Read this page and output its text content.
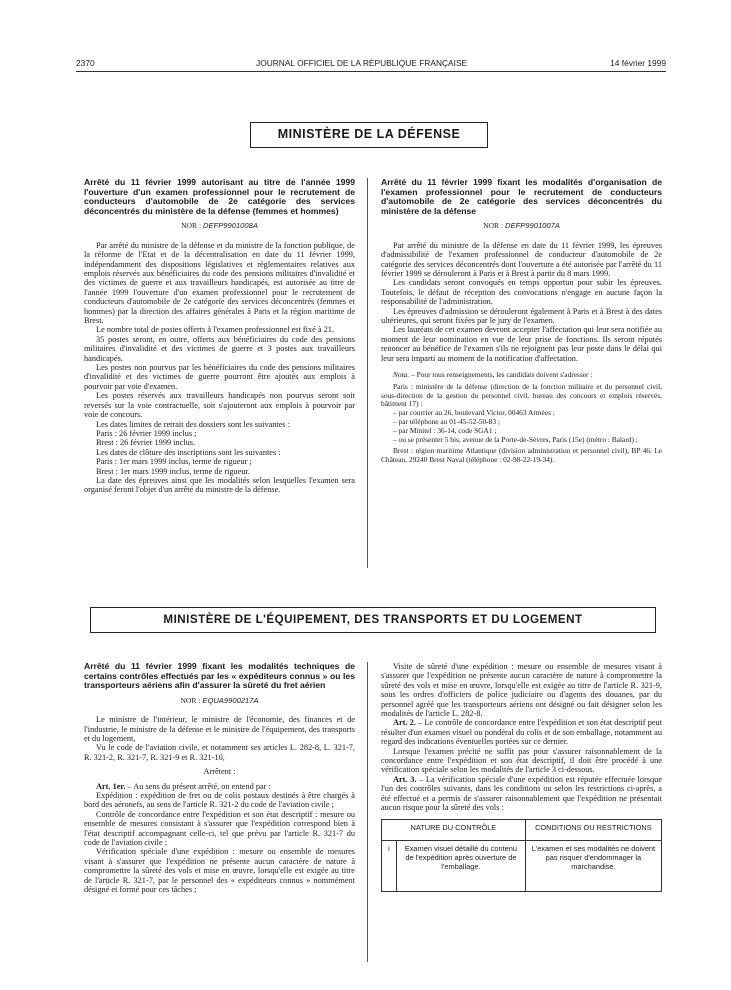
2370	JOURNAL OFFICIEL DE LA RÉPUBLIQUE FRANÇAISE	14 février 1999
MINISTÈRE DE LA DÉFENSE

Arrêté du 11 février 1999 autorisant au titre de l'année 1999 l'ouverture d'un examen professionnel pour le recrutement de conducteurs d'automobile de 2e catégorie des services déconcentrés du ministère de la défense (femmes et hommes)

NOR : DEFP9901008A

Par arrêté du ministre de la défense et du ministre de la fonction publique, de la réforme de l'Etat et de la décentralisation en date du 11 février 1999, indépendamment des dispositions législatives et réglementaires relatives aux emplois réservés aux bénéficiaires du code des pensions militaires d'invalidité et des victimes de guerre et aux travailleurs handicapés, est autorisée au titre de l'année 1999 l'ouverture d'un examen professionnel pour le recrutement de conducteurs d'automobile de 2e catégorie des services déconcentrés (femmes et hommes) par la direction des affaires générales à Paris et la région maritime de Brest.

Le nombre total de postes offerts à l'examen professionnel est fixé à 21.

35 postes seront, en outre, offerts aux bénéficiaires du code des pensions militaires d'invalidité et des victimes de guerre et 3 postes aux travailleurs handicapés.

Les postes non pourvus par les bénéficiaires du code des pensions militaires d'invalidité et des victimes de guerre pourront être ajoutés aux emplois à pourvoir par voie d'examen.

Les postes réservés aux travailleurs handicapés non pourvus seront soit reversés sur la voie contractuelle, soit s'ajouteront aux emplois à pourvoir par voie de concours.

Les dates limites de retrait des dossiers sont les suivantes :

Paris : 26 février 1999 inclus ;

Brest : 26 février 1999 inclus.

Les dates de clôture des inscriptions sont les suivantes :

Paris : 1er mars 1999 inclus, terme de rigueur ;

Brest : 1er mars 1999 inclus, terme de rigueur.

La date des épreuves ainsi que les modalités selon lesquelles l'examen sera organisé feront l'objet d'un arrêté du ministre de la défense.

Arrêté du 11 février 1999 fixant les modalités d'organisation de l'examen professionnel pour le recrutement de conducteurs d'automobile de 2e catégorie des services déconcentrés du ministère de la défense

NOR : DEFP9901007A

Par arrêté du ministre de la défense en date du 11 février 1999, les épreuves d'admissibilité de l'examen professionnel de conducteur d'automobile de 2e catégorie des services déconcentrés dont l'ouverture a été autorisée par l'arrêté du 11 février 1999 se dérouleront à Paris et à Brest à partir du 8 mars 1999.

Les candidats seront convoqués en temps opportun pour subir les épreuves. Toutefois, le défaut de réception des convocations n'engage en aucune façon la responsabilité de l'administration.

Les épreuves d'admission se dérouleront également à Paris et à Brest à des dates ultérieures, qui seront fixées par le jury de l'examen.

Les lauréats de cet examen devront accepter l'affectation qui leur sera notifiée au moment de leur nomination en vue de leur prise de fonctions. Ils seront réputés renoncer au bénéfice de l'examen s'ils ne rejoignent pas leur poste dans le délai qui leur sera imparti au moment de la notification d'affectation.

Nota. – Pour tous renseignements, les candidats doivent s'adresser :

Paris : ministère de la défense (direction de la fonction militaire et du personnel civil, sous-direction de la gestion du personnel civil, bureau des concours et emplois réservés, bâtiment 17) :

– par courrier au 26, boulevard Victor, 00463 Armées ;

– par téléphone au 01-45-52-50-83 ;

– par Minitel : 36-14, code SGA1 ;

– ou se présenter 5 bis, avenue de la Porte-de-Sèvres, Paris (15e) (métro : Balard) ;

Brest : région maritime Atlantique (division administration et personnel civil), BP 46, Le Château, 29240 Brest Naval (téléphone : 02-98-22-19-34).

MINISTÈRE DE L'ÉQUIPEMENT, DES TRANSPORTS ET DU LOGEMENT

Arrêté du 11 février 1999 fixant les modalités techniques de certains contrôles effectués par les « expéditeurs connus » ou les transporteurs aériens afin d'assurer la sûreté du fret aérien

NOR : EQUA9900217A

Le ministre de l'intérieur, le ministre de l'économie, des finances et de l'industrie, le ministre de la défense et le ministre de l'équipement, des transports et du logement,

Vu le code de l'aviation civile, et notamment ses articles L. 282-8, L. 321-7, R. 321-2, R. 321-7, R. 321-9 et R. 321-10,

Arrêtent :

Art. 1er. – Au sens du présent arrêté, on entend par :

Expédition : expédition de fret ou de colis postaux destinés à être chargés à bord des aéronefs, au sens de l'article R. 321-2 du code de l'aviation civile ;

Contrôle de concordance entre l'expédition et son état descriptif : mesure ou ensemble de mesures consistant à s'assurer que l'expédition correspond bien à l'état descriptif accompagnant celle-ci, tel que prévu par l'article R. 321-7 du code de l'aviation civile ;

Vérification spéciale d'une expédition : mesure ou ensemble de mesures visant à s'assurer que l'expédition ne présente aucun caractère de nature à compromettre la sûreté des vols et mise en œuvre, lorsqu'elle est exigée au titre de l'article R. 321-7, par le personnel des « expéditeurs connus » nommément désigné et formé pour ces tâches ;

Visite de sûreté d'une expédition : mesure ou ensemble de mesures visant à s'assurer que l'expédition ne présente aucun caractère de nature à compromettre la sûreté des vols et mise en œuvre, lorsqu'elle est exigée au titre de l'article R. 321-9, sous les ordres d'officiers de police judiciaire ou d'agents des douanes, par du personnel agréé que les transporteurs aériens ont désigné ou fait désigner selon les modalités de l'article L. 282-8.

Art. 2. – Le contrôle de concordance entre l'expédition et son état descriptif peut résulter d'un examen visuel ou pondéral du colis et de son emballage, notamment au regard des indications éventuelles portées sur ce dernier.

Lorsque l'examen précité ne suffit pas pour s'assurer raisonnablement de la concordance entre l'expédition et son état descriptif, il doit être procédé à une vérification spéciale selon les modalités de l'article 3 ci-dessous.

Art. 3. – La vérification spéciale d'une expédition est réputée effectuée lorsque l'un des contrôles suivants, dans les conditions ou selon les restrictions ci-après, a été effectué et a permis de s'assurer raisonnablement que l'expédition ne présentait aucun risque pour la sûreté des vols :

NATURE DU CONTRÔLE		CONDITIONS OU RESTRICTIONS
i	Examen visuel détaillé du contenu de l'expédition après ouverture de l'emballage.	L'examen et ses modalités ne doivent pas risquer d'endommager la marchandise.
